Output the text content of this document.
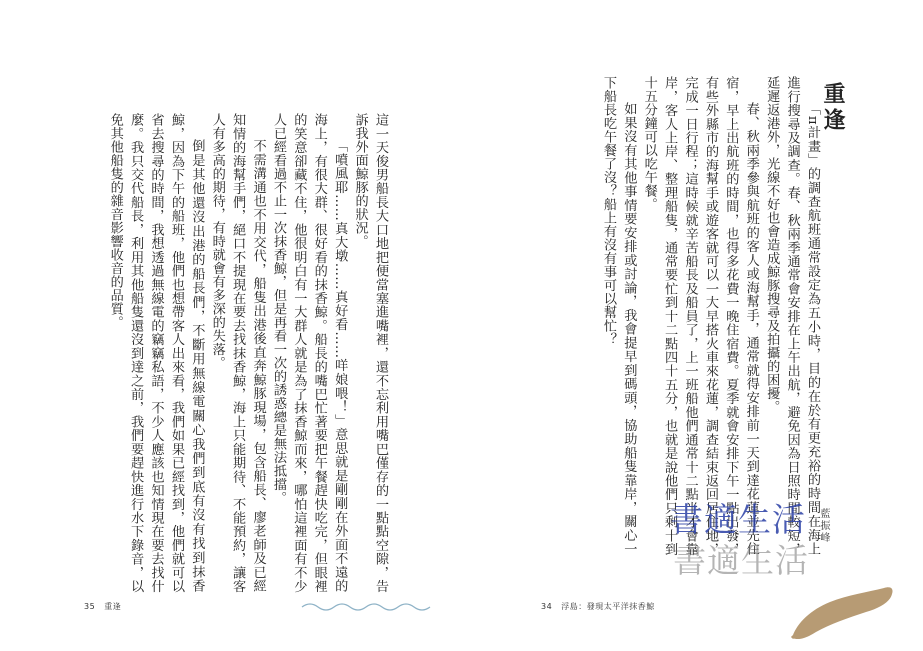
這一天俊男船長大口地把便當塞進嘴裡，還不忘利用嘴巴僅存的一點點空隙，告訴我外面鯨豚的狀況。

「噴風耶……真大墩……真好看……咩娘喂！」意思就是剛剛在外面不遠的海上，有很大群、很好看的抹香鯨。船長的嘴巴忙著要把午餐趕快吃完，但眼裡的笑意卻藏不住，他很明白有一大群人就是為了抹香鯨而來，哪怕這裡面有不少人已經看過不止一次抹香鯨，但是再看一次的誘惑總是無法抵擋。

不需溝通也不用交代，船隻出港後直奔鯨豚現場，包含船長、廖老師及已經知情的海幫手們，絕口不提現在要去找抹香鯨，海上只能期待、不能預約，讓客人有多高的期待，有時就會有多深的失落。

倒是其他還沒出港的船長們，不斷用無線電關心我們到底有沒有找到抹香鯨，因為下午的船班，他們也想帶客人出來看，我們如果已經找到，他們就可以省去搜尋的時間，我想透過無線電的竊竊私語，不少人應該也知情現在要去找什麼。我只交代船長，利用其他船隻還沒到達之前，我們要趕快進行水下錄音，以免其他船隻的雜音影響收音的品質。

35 重逢

「π計畫」的調查航班通常設定為五小時，目的在於有更充裕的時間在海上進行搜尋及調查。春、秋兩季通常會安排在上午出航，避免因為日照時間較短，延遲返港外，光線不好也會造成鯨豚搜尋及拍攝的困擾。

春、秋兩季參與航班的客人或海幫手，通常就得安排前一天到達花蓮並先住宿，早上出航班的時間，也得多花費一晚住宿費。夏季就會安排下午一點出發，有些外縣市的海幫手或遊客就可以一大早搭火車來花蓮，調查結束返回居住地，完成一日行程；這時候就辛苦船長及船員了，上一班船他們通常十二點半才會靠岸，客人上岸、整理船隻，通常要忙到十二點四十五分，也就是說他們只剩十到十五分鐘可以吃午餐。

如果沒有其他事情要安排或討論，我會提早到碼頭，協助船隻靠岸，關心一下船長吃午餐了沒？船上有沒有事可以幫忙？

34 浮島：發現太平洋抹香鯨
重逢
藍振峰
書適生活
書適生活
